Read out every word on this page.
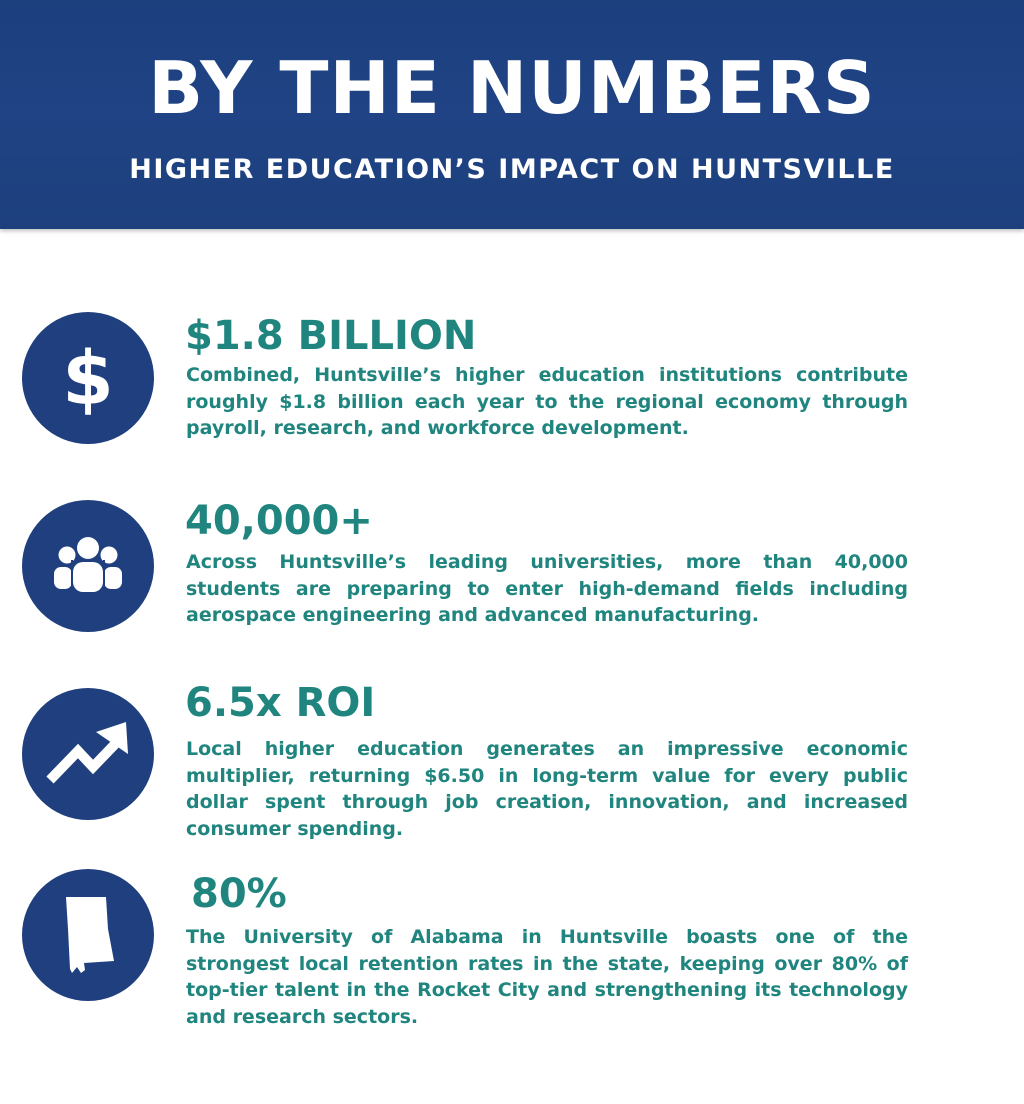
BY THE NUMBERS
HIGHER EDUCATION’S IMPACT ON HUNTSVILLE
$ $1.8 BILLION
Combined, Huntsville’s higher education institutions contribute roughly $1.8 billion each year to the regional economy through payroll, research, and workforce development.
40,000+
Across Huntsville’s leading universities, more than 40,000 students are preparing to enter high-demand fields including aerospace engineering and advanced manufacturing.
6.5x ROI
Local higher education generates an impressive economic multiplier, returning $6.50 in long-term value for every public dollar spent through job creation, innovation, and increased consumer spending.
80%
The University of Alabama in Huntsville boasts one of the strongest local retention rates in the state, keeping over 80% of top-tier talent in the Rocket City and strengthening its technology and research sectors.
